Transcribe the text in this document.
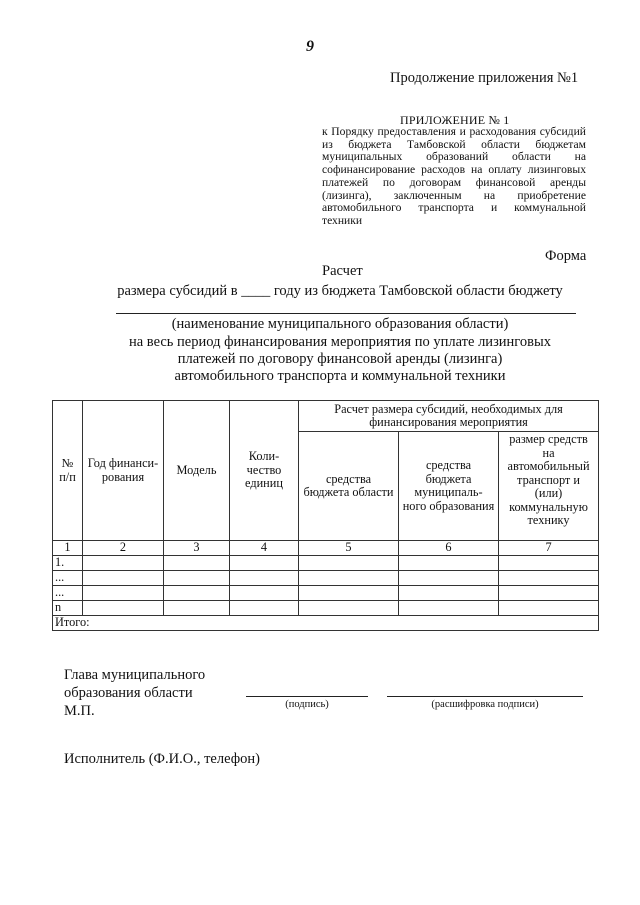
9
Продолжение приложения №1
ПРИЛОЖЕНИЕ № 1
к Порядку предоставления и расходования субсидий из бюджета Тамбовской области бюджетам муниципальных образований области на софинансирование расходов на оплату лизинговых платежей по договорам финансовой аренды (лизинга), заключенным на приобретение автомобильного транспорта и коммунальной техники
Форма
Расчет
размера субсидий в ____ году из бюджета Тамбовской области бюджету
(наименование муниципального образования области)
на весь период финансирования мероприятия по уплате лизинговых
платежей по договору финансовой аренды (лизинга)
автомобильного транспорта и коммунальной техники
№ п/п	Год финанси- рования	Модель	Коли- чество единиц	Расчет размера субсидий, необходимых для финансирования мероприятия		
				средства бюджета области	средства бюджета муниципаль- ного образования	размер средств на автомобильный транспорт и (или) коммунальную технику
1	2	3	4	5	6	7
1.						
...						
...						
n						
Итого:						
Глава муниципального
образования области
М.П.	(подпись)	(расшифровка подписи)
Исполнитель (Ф.И.О., телефон)
